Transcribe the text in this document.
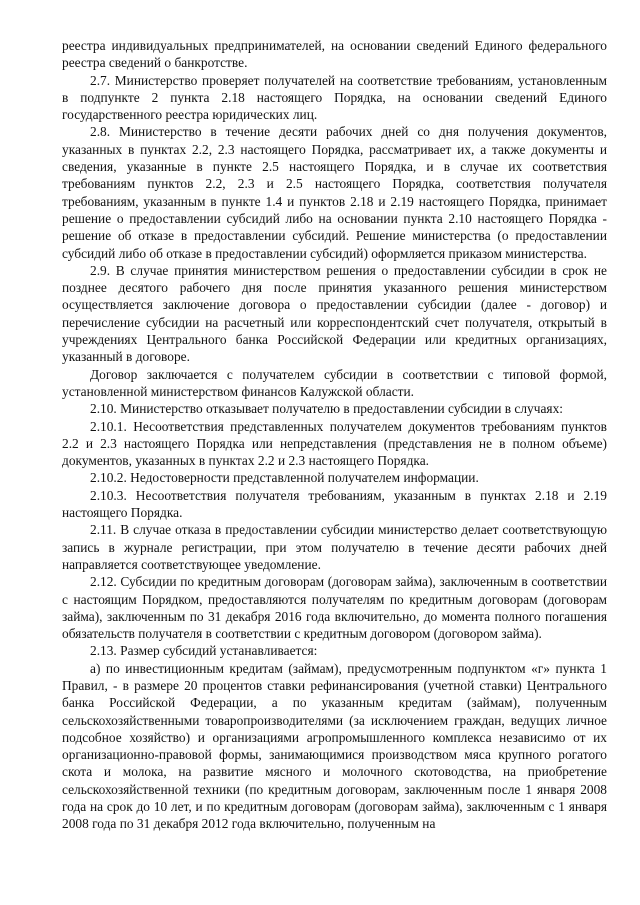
реестра индивидуальных предпринимателей, на основании сведений Единого федерального реестра сведений о банкротстве.

2.7. Министерство проверяет получателей на соответствие требованиям, установленным в подпункте 2 пункта 2.18 настоящего Порядка, на основании сведений Единого государственного реестра юридических лиц.

2.8. Министерство в течение десяти рабочих дней со дня получения документов, указанных в пунктах 2.2, 2.3 настоящего Порядка, рассматривает их, а также документы и сведения, указанные в пункте 2.5 настоящего Порядка, и в случае их соответствия требованиям пунктов 2.2, 2.3 и 2.5 настоящего Порядка, соответствия получателя требованиям, указанным в пункте 1.4 и пунктов 2.18 и 2.19 настоящего Порядка, принимает решение о предоставлении субсидий либо на основании пункта 2.10 настоящего Порядка - решение об отказе в предоставлении субсидий. Решение министерства (о предоставлении субсидий либо об отказе в предоставлении субсидий) оформляется приказом министерства.

2.9. В случае принятия министерством решения о предоставлении субсидии в срок не позднее десятого рабочего дня после принятия указанного решения министерством осуществляется заключение договора о предоставлении субсидии (далее - договор) и перечисление субсидии на расчетный или корреспондентский счет получателя, открытый в учреждениях Центрального банка Российской Федерации или кредитных организациях, указанный в договоре.

Договор заключается с получателем субсидии в соответствии с типовой формой, установленной министерством финансов Калужской области.

2.10. Министерство отказывает получателю в предоставлении субсидии в случаях:

2.10.1. Несоответствия представленных получателем документов требованиям пунктов 2.2 и 2.3 настоящего Порядка или непредставления (представления не в полном объеме) документов, указанных в пунктах 2.2 и 2.3 настоящего Порядка.

2.10.2. Недостоверности представленной получателем информации.

2.10.3. Несоответствия получателя требованиям, указанным в пунктах 2.18 и 2.19 настоящего Порядка.

2.11. В случае отказа в предоставлении субсидии министерство делает соответствующую запись в журнале регистрации, при этом получателю в течение десяти рабочих дней направляется соответствующее уведомление.

2.12. Субсидии по кредитным договорам (договорам займа), заключенным в соответствии с настоящим Порядком, предоставляются получателям по кредитным договорам (договорам займа), заключенным по 31 декабря 2016 года включительно, до момента полного погашения обязательств получателя в соответствии с кредитным договором (договором займа).

2.13. Размер субсидий устанавливается:

а) по инвестиционным кредитам (займам), предусмотренным подпунктом «г» пункта 1 Правил, - в размере 20 процентов ставки рефинансирования (учетной ставки) Центрального банка Российской Федерации, а по указанным кредитам (займам), полученным сельскохозяйственными товаропроизводителями (за исключением граждан, ведущих личное подсобное хозяйство) и организациями агропромышленного комплекса независимо от их организационно-правовой формы, занимающимися производством мяса крупного рогатого скота и молока, на развитие мясного и молочного скотоводства, на приобретение сельскохозяйственной техники (по кредитным договорам, заключенным после 1 января 2008 года на срок до 10 лет, и по кредитным договорам (договорам займа), заключенным с 1 января 2008 года по 31 декабря 2012 года включительно, полученным на
